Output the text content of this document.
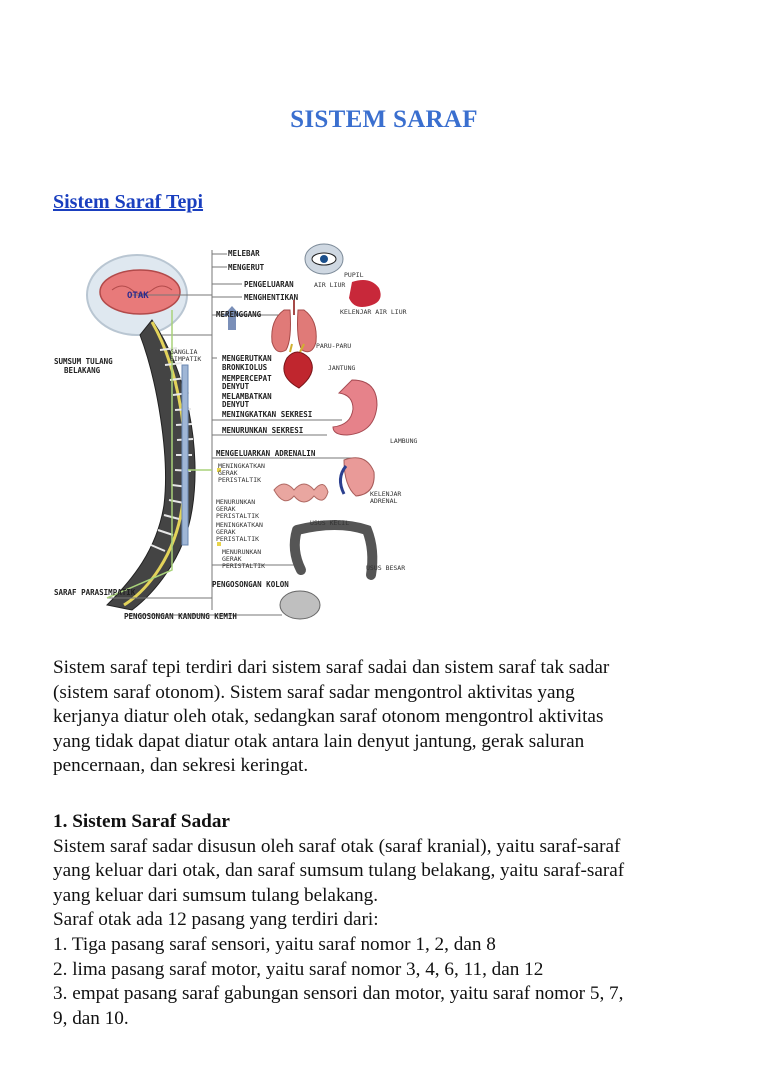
SISTEM SARAF
Sistem Saraf Tepi
OTAK
SUMSUM TULANG
BELAKANG
GANGLIA
SIMPATIK
SARAF PARASIMPATIK
MELEBAR
MENGERUT
PUPIL
PENGELUARAN	AIR LIUR
MENGHENTIKAN
KELENJAR AIR LIUR
MERENGGANG
PARU-PARU
MENGERUTKAN
BRONKIOLUS	JANTUNG
MEMPERCEPAT
DENYUT
MELAMBATKAN
DENYUT
MENINGKATKAN SEKRESI
MENURUNKAN SEKRESI
LAMBUNG
MENGELUARKAN ADRENALIN
MENINGKATKAN
GERAK
PERISTALTIK
KELENJAR
ADRENAL
MENURUNKAN
GERAK
PERISTALTIK
MENINGKATKAN
GERAK
PERISTALTIK
USUS KECIL
MENURUNKAN
GERAK
PERISTALTIK	USUS BESAR
PENGOSONGAN KOLON
PENGOSONGAN KANDUNG KEMIH
Sistem saraf tepi terdiri dari sistem saraf sadai dan sistem saraf tak sadar
(sistem saraf otonom). Sistem saraf sadar mengontrol aktivitas yang
kerjanya diatur oleh otak, sedangkan saraf otonom mengontrol aktivitas
yang tidak dapat diatur otak antara lain denyut jantung, gerak saluran
pencernaan, dan sekresi keringat.
1. Sistem Saraf Sadar
Sistem saraf sadar disusun oleh saraf otak (saraf kranial), yaitu saraf-saraf
yang keluar dari otak, dan saraf sumsum tulang belakang, yaitu saraf-saraf
yang keluar dari sumsum tulang belakang.
Saraf otak ada 12 pasang yang terdiri dari:
1. Tiga pasang saraf sensori, yaitu saraf nomor 1, 2, dan 8
2. lima pasang saraf motor, yaitu saraf nomor 3, 4, 6, 11, dan 12
3. empat pasang saraf gabungan sensori dan motor, yaitu saraf nomor 5, 7,
9, dan 10.
